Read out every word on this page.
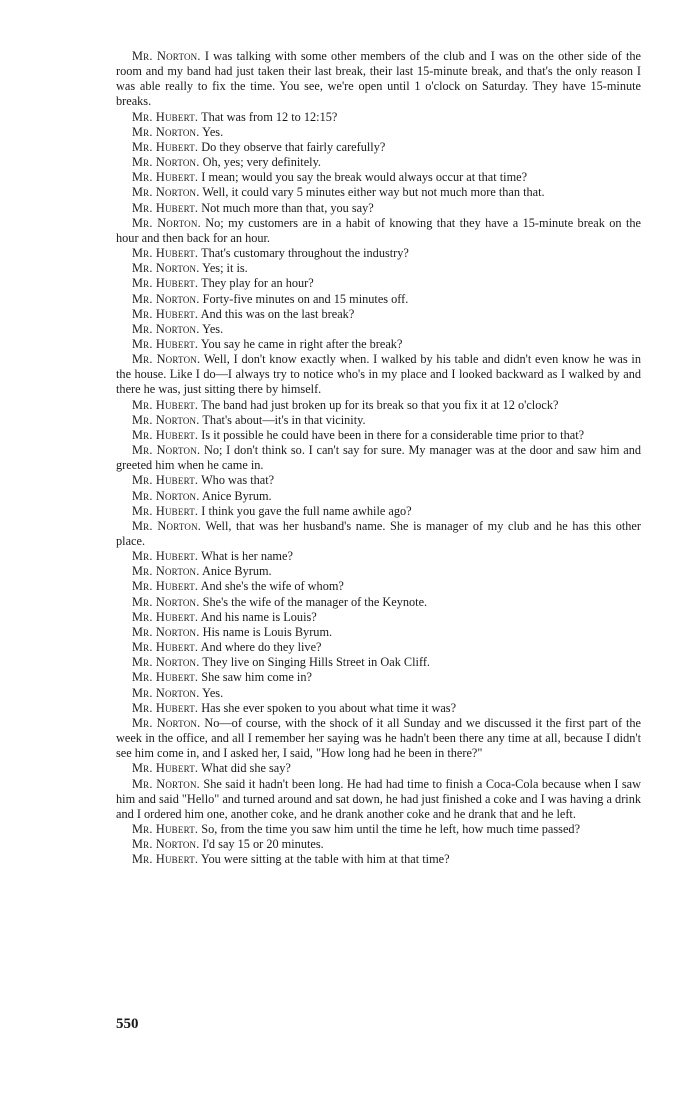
Mr. Norton. I was talking with some other members of the club and I was on the other side of the room and my band had just taken their last break, their last 15-minute break, and that's the only reason I was able really to fix the time. You see, we're open until 1 o'clock on Saturday. They have 15-minute breaks.

Mr. Hubert. That was from 12 to 12:15?

Mr. Norton. Yes.

Mr. Hubert. Do they observe that fairly carefully?

Mr. Norton. Oh, yes; very definitely.

Mr. Hubert. I mean; would you say the break would always occur at that time?

Mr. Norton. Well, it could vary 5 minutes either way but not much more than that.

Mr. Hubert. Not much more than that, you say?

Mr. Norton. No; my customers are in a habit of knowing that they have a 15-minute break on the hour and then back for an hour.

Mr. Hubert. That's customary throughout the industry?

Mr. Norton. Yes; it is.

Mr. Hubert. They play for an hour?

Mr. Norton. Forty-five minutes on and 15 minutes off.

Mr. Hubert. And this was on the last break?

Mr. Norton. Yes.

Mr. Hubert. You say he came in right after the break?

Mr. Norton. Well, I don't know exactly when. I walked by his table and didn't even know he was in the house. Like I do—I always try to notice who's in my place and I looked backward as I walked by and there he was, just sitting there by himself.

Mr. Hubert. The band had just broken up for its break so that you fix it at 12 o'clock?

Mr. Norton. That's about—it's in that vicinity.

Mr. Hubert. Is it possible he could have been in there for a considerable time prior to that?

Mr. Norton. No; I don't think so. I can't say for sure. My manager was at the door and saw him and greeted him when he came in.

Mr. Hubert. Who was that?

Mr. Norton. Anice Byrum.

Mr. Hubert. I think you gave the full name awhile ago?

Mr. Norton. Well, that was her husband's name. She is manager of my club and he has this other place.

Mr. Hubert. What is her name?

Mr. Norton. Anice Byrum.

Mr. Hubert. And she's the wife of whom?

Mr. Norton. She's the wife of the manager of the Keynote.

Mr. Hubert. And his name is Louis?

Mr. Norton. His name is Louis Byrum.

Mr. Hubert. And where do they live?

Mr. Norton. They live on Singing Hills Street in Oak Cliff.

Mr. Hubert. She saw him come in?

Mr. Norton. Yes.

Mr. Hubert. Has she ever spoken to you about what time it was?

Mr. Norton. No—of course, with the shock of it all Sunday and we discussed it the first part of the week in the office, and all I remember her saying was he hadn't been there any time at all, because I didn't see him come in, and I asked her, I said, "How long had he been in there?"

Mr. Hubert. What did she say?

Mr. Norton. She said it hadn't been long. He had had time to finish a Coca-Cola because when I saw him and said "Hello" and turned around and sat down, he had just finished a coke and I was having a drink and I ordered him one, another coke, and he drank another coke and he drank that and he left.

Mr. Hubert. So, from the time you saw him until the time he left, how much time passed?

Mr. Norton. I'd say 15 or 20 minutes.

Mr. Hubert. You were sitting at the table with him at that time?

550
